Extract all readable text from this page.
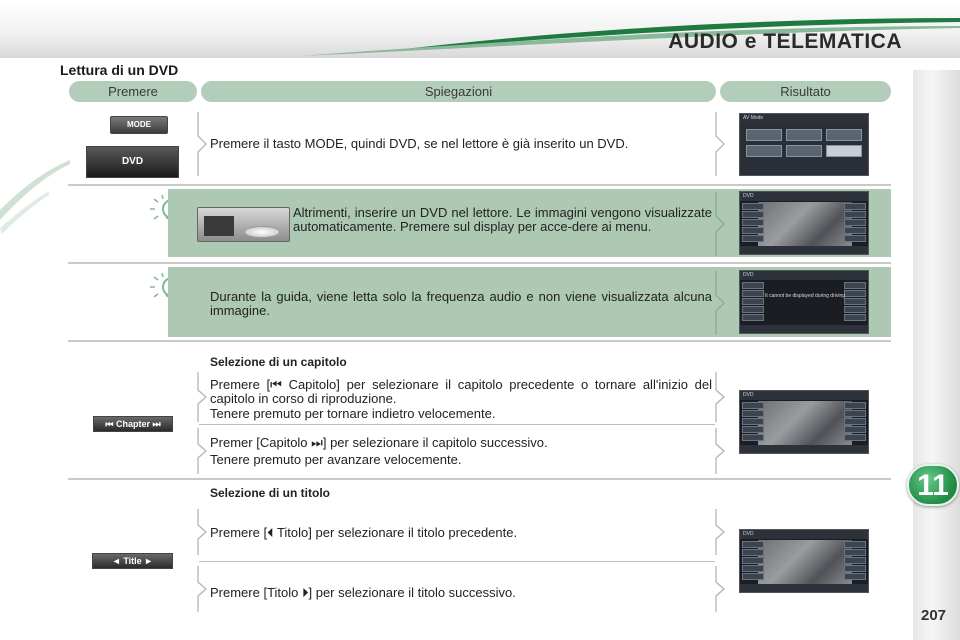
AUDIO e TELEMATICA
11
207
Lettura di un DVD
Premere	Spiegazioni	Risultato
MODE
DVD
Premere il tasto MODE, quindi DVD, se nel lettore è già inserito un DVD.
AV Mode
Altrimenti, inserire un DVD nel lettore. Le immagini vengono visualizzate automaticamente. Premere sul display per acce-dere ai menu.
DVD
Durante la guida, viene letta solo la frequenza audio e non viene visualizzata alcuna immagine.
DVD
It cannot be displayed during driving
Selezione di un capitolo
Premere [⏮ Capitolo] per selezionare il capitolo precedente o tornare all'inizio del capitolo in corso di riproduzione.
Tenere premuto per tornare indietro velocemente.
⏮ Chapter ⏭
Premer [Capitolo ⏭] per selezionare il capitolo successivo.
Tenere premuto per avanzare velocemente.
DVD
Selezione di un titolo
Premere [⏴ Titolo] per selezionare il titolo precedente.
◄ Title ►
Premere [Titolo ⏵] per selezionare il titolo successivo.
DVD
